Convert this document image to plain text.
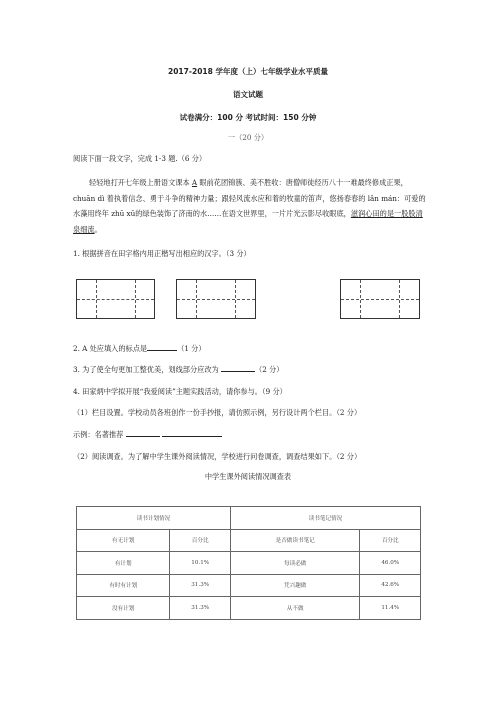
2017-2018 学年度（上）七年级学业水平质量
语文试题
试卷满分：100 分 考试时间：150 分钟
一（20 分）
阅读下面一段文字，完成 1-3 题.（6 分）
轻轻地打开七年级上册语文课本 A 眼前花团锦簇、美不胜收：唐僧师徒经历八十一难最终修成正果，chuān dì 着执着信念、勇于斗争的精神力量；跟轻风流水应和着的牧童的笛声，悠扬春春的 lǎn mán：可爱的水藻用终年 zhū xū的绿色装饰了济南的水……在语文世界里，一片片光云影尽收眼底，滋润心田的是一股股清泉细流。
1. 根据拼音在田字格内用正楷写出相应的汉字。（3 分）
2. A 处应填入的标点是	（1 分）
3. 为了使全句更加工整优美，划线部分应改为	（2 分）
4. 田家炳中学拟开展“我爱阅读”主题实践活动，请你参与。（9 分）
（1）栏目设置。学校动员各班创作一份手抄报，请仿照示例，另行设计两个栏目。（2 分）
示例：名著推荐
（2）阅读调查。为了解中学生课外阅读情况，学校进行问卷调查，调查结果如下。（2 分）
中学生课外阅读情况调查表
读书计划情况		读书笔记情况	
有无计划	百分比	是否做读书笔记	百分比
有计划	10.1%	每读必做	46.0%
有时有计划	31.3%	凭兴趣做	42.6%
没有计划	31.3%	从不做	11.4%
